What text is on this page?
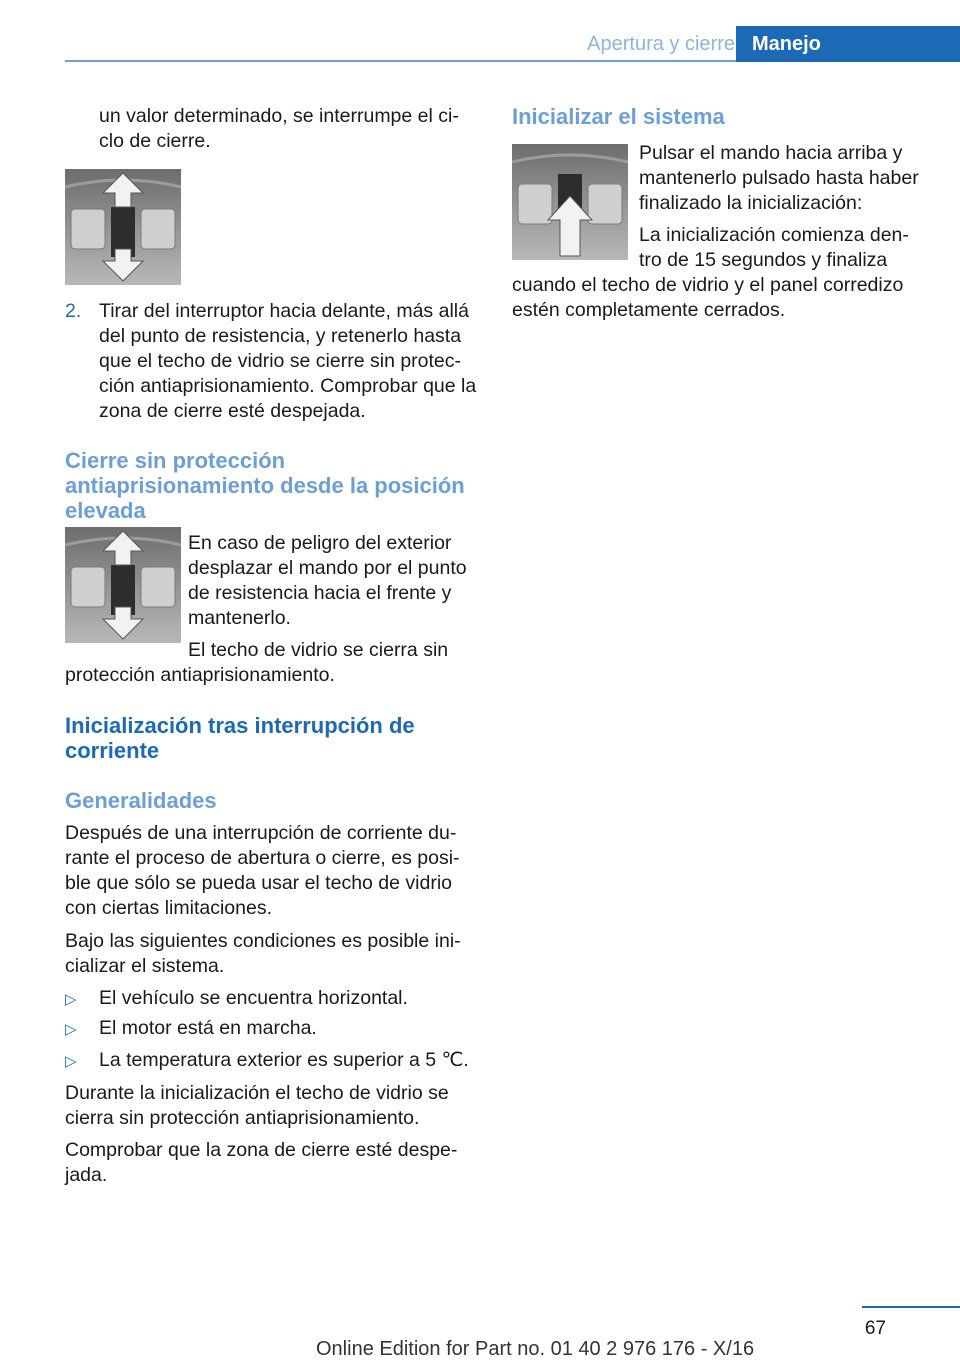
Apertura y cierre Manejo

un valor determinado, se interrumpe el ci‐ clo de cierre.

2. Tirar del interruptor hacia delante, más allá del punto de resistencia, y retenerlo hasta que el techo de vidrio se cierre sin protec‐ ción antiaprisionamiento. Comprobar que la zona de cierre esté despejada.

Cierre sin protección antiaprisionamiento desde la posición elevada

En caso de peligro del exterior desplazar el mando por el punto de resistencia hacia el frente y mantenerlo.

El techo de vidrio se cierra sin

protección antiaprisionamiento.

Inicialización tras interrupción de corriente
Generalidades

Después de una interrupción de corriente du‐ rante el proceso de abertura o cierre, es posi‐ ble que sólo se pueda usar el techo de vidrio con ciertas limitaciones.

Bajo las siguientes condiciones es posible ini‐ cializar el sistema.

▷ El vehículo se encuentra horizontal.

▷ El motor está en marcha.

▷ La temperatura exterior es superior a 5 ℃.

Durante la inicialización el techo de vidrio se cierra sin protección antiaprisionamiento.

Comprobar que la zona de cierre esté despe‐ jada.

Inicializar el sistema

Pulsar el mando hacia arriba y mantenerlo pulsado hasta haber finalizado la inicialización:

La inicialización comienza den‐ tro de 15 segundos y finaliza

cuando el techo de vidrio y el panel corredizo estén completamente cerrados.

67
Online Edition for Part no. 01 40 2 976 176 - X/16
